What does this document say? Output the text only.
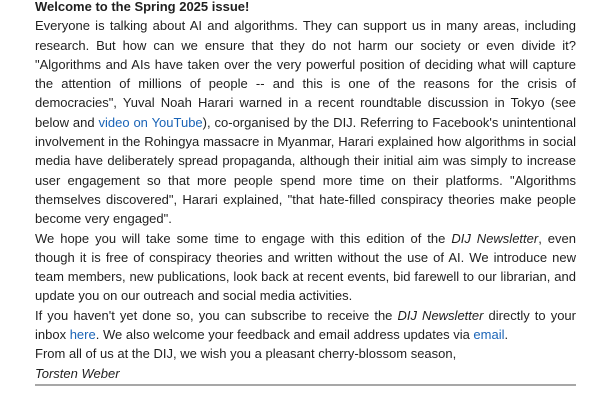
Welcome to the Spring 2025 issue!

Everyone is talking about AI and algorithms. They can support us in many areas, including research. But how can we ensure that they do not harm our society or even divide it? "Algorithms and AIs have taken over the very powerful position of deciding what will capture the attention of millions of people -- and this is one of the reasons for the crisis of democracies", Yuval Noah Harari warned in a recent roundtable discussion in Tokyo (see below and video on YouTube), co-organised by the DIJ. Referring to Facebook's unintentional involvement in the Rohingya massacre in Myanmar, Harari explained how algorithms in social media have deliberately spread propaganda, although their initial aim was simply to increase user engagement so that more people spend more time on their platforms. "Algorithms themselves discovered", Harari explained, "that hate-filled conspiracy theories make people become very engaged".

We hope you will take some time to engage with this edition of the DIJ Newsletter, even though it is free of conspiracy theories and written without the use of AI. We introduce new team members, new publications, look back at recent events, bid farewell to our librarian, and update you on our outreach and social media activities.

If you haven't yet done so, you can subscribe to receive the DIJ Newsletter directly to your inbox here. We also welcome your feedback and email address updates via email.

From all of us at the DIJ, we wish you a pleasant cherry-blossom season,

Torsten Weber
